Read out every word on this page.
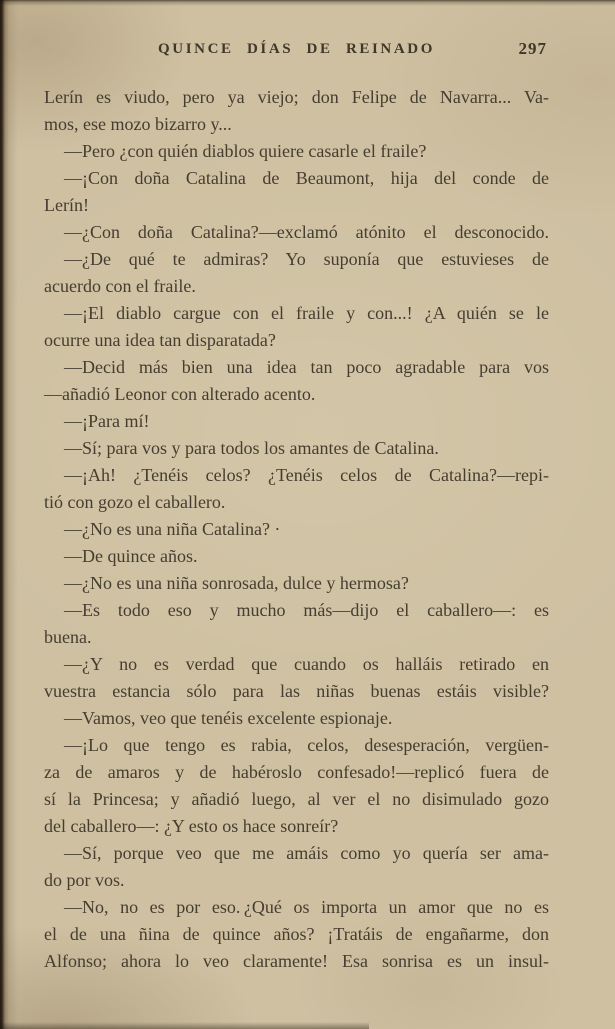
QUINCE DÍAS DE REINADO	297
Lerín es viudo, pero ya viejo; don Felipe de Navarra... Va-
mos, ese mozo bizarro y...
—Pero ¿con quién diablos quiere casarle el fraile?
—¡Con doña Catalina de Beaumont, hija del conde de
Lerín!
—¿Con doña Catalina?—exclamó atónito el desconocido.
—¿De qué te admiras? Yo suponía que estuvieses de
acuerdo con el fraile.
—¡El diablo cargue con el fraile y con...! ¿A quién se le
ocurre una idea tan disparatada?
—Decid más bien una idea tan poco agradable para vos
—añadió Leonor con alterado acento.
—¡Para mí!
—Sí; para vos y para todos los amantes de Catalina.
—¡Ah! ¿Tenéis celos? ¿Tenéis celos de Catalina?—repi-
tió con gozo el caballero.
—¿No es una niña Catalina? ·
—De quince años.
—¿No es una niña sonrosada, dulce y hermosa?
—Es todo eso y mucho más—dijo el caballero—: es
buena.
—¿Y no es verdad que cuando os halláis retirado en
vuestra estancia sólo para las niñas buenas estáis visible?
—Vamos, veo que tenéis excelente espionaje.
—¡Lo que tengo es rabia, celos, desesperación, vergüen-
za de amaros y de habéroslo confesado!—replicó fuera de
sí la Princesa; y añadió luego, al ver el no disimulado gozo
del caballero—: ¿Y esto os hace sonreír?
—Sí, porque veo que me amáis como yo quería ser ama-
do por vos.
—No, no es por eso. ¿Qué os importa un amor que no es
el de una ñina de quince años? ¡Tratáis de engañarme, don
Alfonso; ahora lo veo claramente! Esa sonrisa es un insul-
